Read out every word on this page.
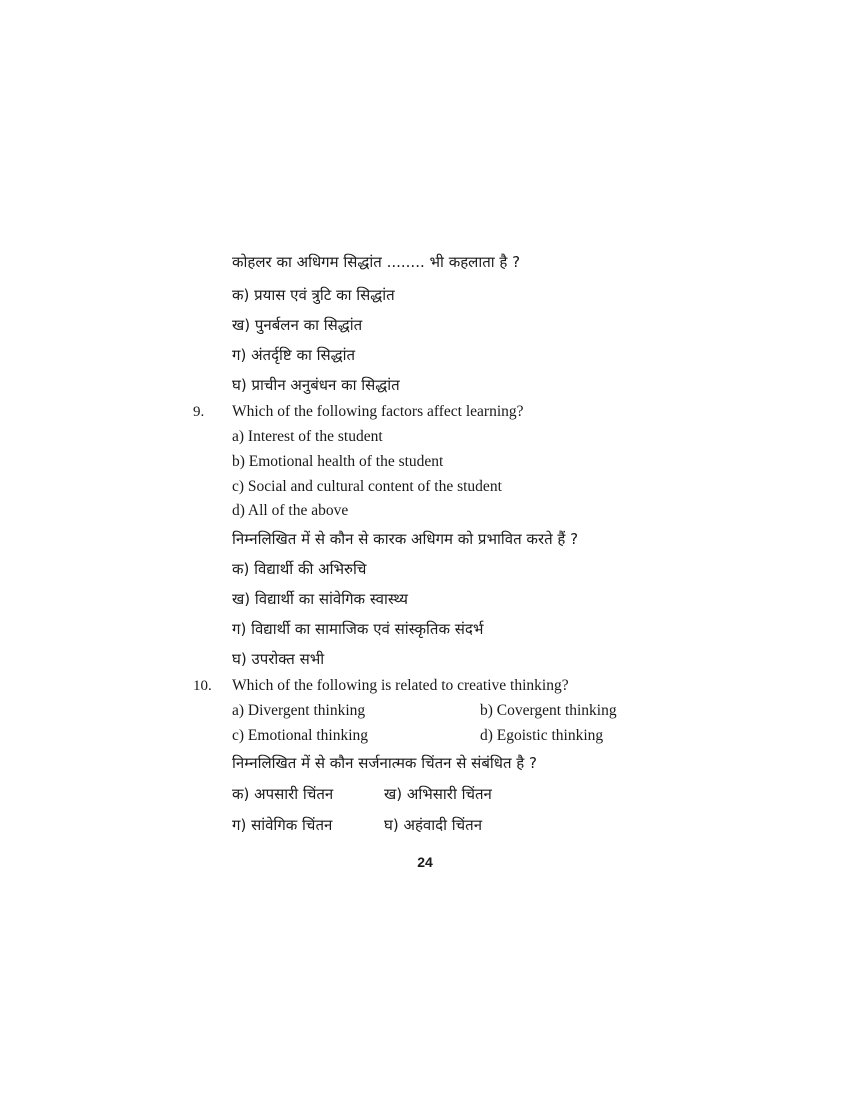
कोहलर का अधिगम सिद्धांत ........ भी कहलाता है ?
क) प्रयास एवं त्रुटि का सिद्धांत
ख) पुनर्बलन का सिद्धांत
ग) अंतर्दृष्टि का सिद्धांत
घ) प्राचीन अनुबंधन का सिद्धांत
9. Which of the following factors affect learning?
a) Interest of the student
b) Emotional health of the student
c) Social and cultural content of the student
d) All of the above
निम्नलिखित में से कौन से कारक अधिगम को प्रभावित करते हैं ?
क) विद्यार्थी की अभिरुचि
ख) विद्यार्थी का सांवेगिक स्वास्थ्य
ग) विद्यार्थी का सामाजिक एवं सांस्कृतिक संदर्भ
घ) उपरोक्त सभी
10. Which of the following is related to creative thinking?
a) Divergent thinking	b) Covergent thinking
c) Emotional thinking	d) Egoistic thinking
निम्नलिखित में से कौन सर्जनात्मक चिंतन से संबंधित है ?
क) अपसारी चिंतन	ख) अभिसारी चिंतन
ग) सांवेगिक चिंतन	घ) अहंवादी चिंतन
24
